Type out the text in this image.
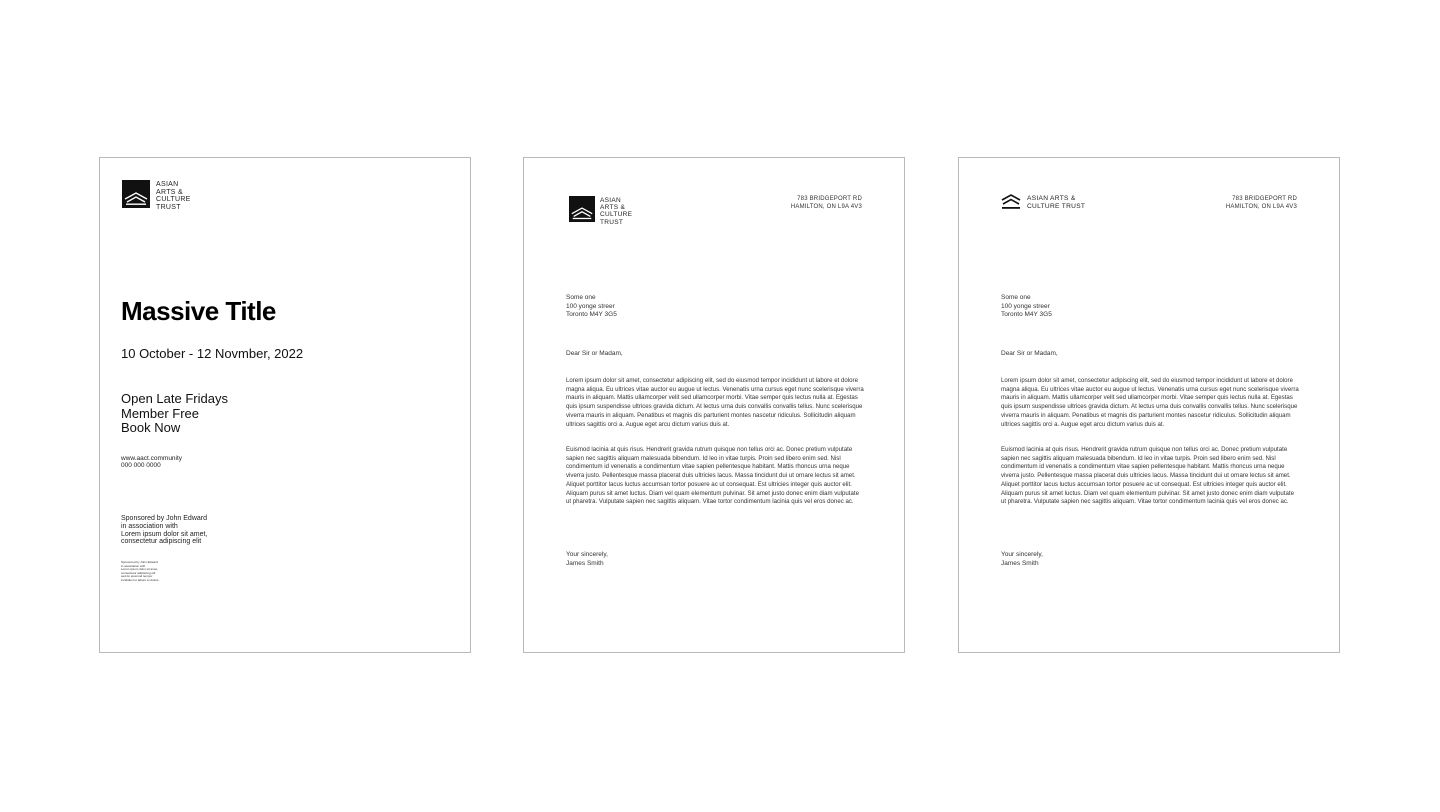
ASIAN
ARTS &
CULTURE
TRUST
Massive Title
10 October - 12 Novmber, 2022
Open Late Fridays
Member Free
Book Now
www.aact.community
000 000 0000
Sponsored by John Edward
in association with
Lorem ipsum dolor sit amet,
consectetur adipiscing elit
Sponsored by John Edward
in association with
Lorem ipsum dolor sit amet,
consectetur adipiscing elit
sed do eiusmod tempor
incididunt ut labore et dolore
ASIAN
ARTS &
CULTURE
TRUST
783 BRIDGEPORT RD
HAMILTON, ON L9A 4V3
Some one
100 yonge streer
Toronto M4Y 3G5
Dear Sir or Madam,

Lorem ipsum dolor sit amet, consectetur adipiscing elit, sed do eiusmod tempor incididunt ut labore et dolore magna aliqua. Eu ultrices vitae auctor eu augue ut lectus. Venenatis urna cursus eget nunc scelerisque viverra mauris in aliquam. Mattis ullamcorper velit sed ullamcorper morbi. Vitae semper quis lectus nulla at. Egestas quis ipsum suspendisse ultrices gravida dictum. At lectus urna duis convallis convallis tellus. Nunc scelerisque viverra mauris in aliquam. Penatibus et magnis dis parturient montes nascetur ridiculus. Sollicitudin aliquam ultrices sagittis orci a. Augue eget arcu dictum varius duis at.

Euismod lacinia at quis risus. Hendrerit gravida rutrum quisque non tellus orci ac. Donec pretium vulputate sapien nec sagittis aliquam malesuada bibendum. Id leo in vitae turpis. Proin sed libero enim sed. Nisl condimentum id venenatis a condimentum vitae sapien pellentesque habitant. Mattis rhoncus urna neque viverra justo. Pellentesque massa placerat duis ultricies lacus. Massa tincidunt dui ut ornare lectus sit amet. Aliquet porttitor lacus luctus accumsan tortor posuere ac ut consequat. Est ultricies integer quis auctor elit. Aliquam purus sit amet luctus. Diam vel quam elementum pulvinar. Sit amet justo donec enim diam vulputate ut pharetra. Vulputate sapien nec sagittis aliquam. Vitae tortor condimentum lacinia quis vel eros donec ac.

Your sincerely,
James Smith
ASIAN ARTS &
CULTURE TRUST
783 BRIDGEPORT RD
HAMILTON, ON L9A 4V3
Some one
100 yonge streer
Toronto M4Y 3G5
Dear Sir or Madam,

Lorem ipsum dolor sit amet, consectetur adipiscing elit, sed do eiusmod tempor incididunt ut labore et dolore magna aliqua. Eu ultrices vitae auctor eu augue ut lectus. Venenatis urna cursus eget nunc scelerisque viverra mauris in aliquam. Mattis ullamcorper velit sed ullamcorper morbi. Vitae semper quis lectus nulla at. Egestas quis ipsum suspendisse ultrices gravida dictum. At lectus urna duis convallis convallis tellus. Nunc scelerisque viverra mauris in aliquam. Penatibus et magnis dis parturient montes nascetur ridiculus. Sollicitudin aliquam ultrices sagittis orci a. Augue eget arcu dictum varius duis at.

Euismod lacinia at quis risus. Hendrerit gravida rutrum quisque non tellus orci ac. Donec pretium vulputate sapien nec sagittis aliquam malesuada bibendum. Id leo in vitae turpis. Proin sed libero enim sed. Nisl condimentum id venenatis a condimentum vitae sapien pellentesque habitant. Mattis rhoncus urna neque viverra justo. Pellentesque massa placerat duis ultricies lacus. Massa tincidunt dui ut ornare lectus sit amet. Aliquet porttitor lacus luctus accumsan tortor posuere ac ut consequat. Est ultricies integer quis auctor elit. Aliquam purus sit amet luctus. Diam vel quam elementum pulvinar. Sit amet justo donec enim diam vulputate ut pharetra. Vulputate sapien nec sagittis aliquam. Vitae tortor condimentum lacinia quis vel eros donec ac.

Your sincerely,
James Smith
